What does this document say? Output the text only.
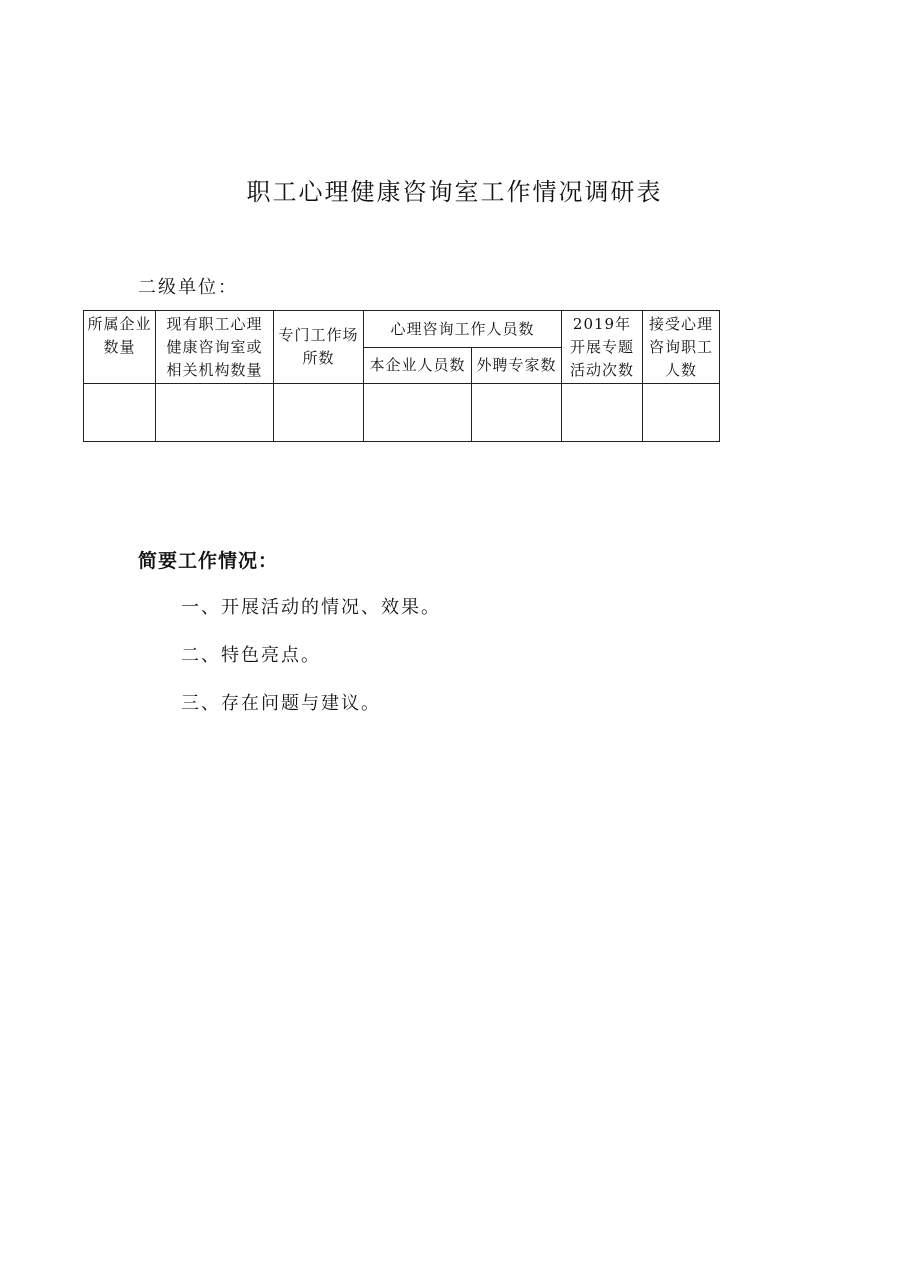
职工心理健康咨询室工作情况调研表
二级单位：
所属企业数量	现有职工心理健康咨询室或相关机构数量	专门工作场所数	心理咨询工作人员数		2019年开展专题活动次数	接受心理咨询职工人数
			本企业人员数	外聘专家数		

简要工作情况：
一、开展活动的情况、效果。
二、特色亮点。
三、存在问题与建议。
